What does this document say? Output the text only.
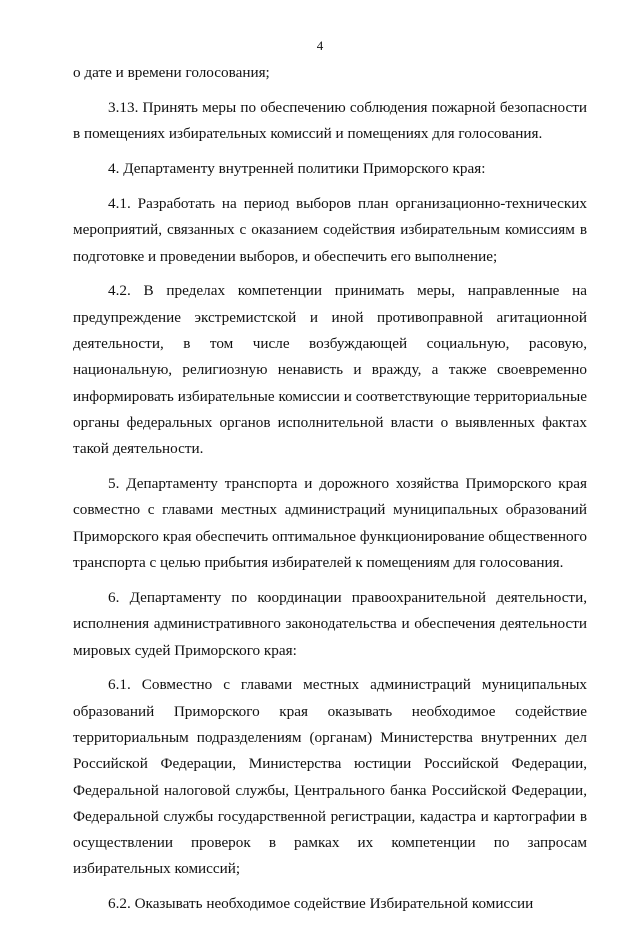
4

о дате и времени голосования;

3.13. Принять меры по обеспечению соблюдения пожарной безопасности в помещениях избирательных комиссий и помещениях для голосования.

4. Департаменту внутренней политики Приморского края:

4.1. Разработать на период выборов план организационно-технических мероприятий, связанных с оказанием содействия избирательным комиссиям в подготовке и проведении выборов, и обеспечить его выполнение;

4.2. В пределах компетенции принимать меры, направленные на предупреждение экстремистской и иной противоправной агитационной деятельности, в том числе возбуждающей социальную, расовую, национальную, религиозную ненависть и вражду, а также своевременно информировать избирательные комиссии и соответствующие территориальные органы федеральных органов исполнительной власти о выявленных фактах такой деятельности.

5. Департаменту транспорта и дорожного хозяйства Приморского края совместно с главами местных администраций муниципальных образований Приморского края обеспечить оптимальное функционирование общественного транспорта с целью прибытия избирателей к помещениям для голосования.

6. Департаменту по координации правоохранительной деятельности, исполнения административного законодательства и обеспечения деятельности мировых судей Приморского края:

6.1. Совместно с главами местных администраций муниципальных образований Приморского края оказывать необходимое содействие территориальным подразделениям (органам) Министерства внутренних дел Российской Федерации, Министерства юстиции Российской Федерации, Федеральной налоговой службы, Центрального банка Российской Федерации, Федеральной службы государственной регистрации, кадастра и картографии в осуществлении проверок в рамках их компетенции по запросам избирательных комиссий;

6.2. Оказывать необходимое содействие Избирательной комиссии
